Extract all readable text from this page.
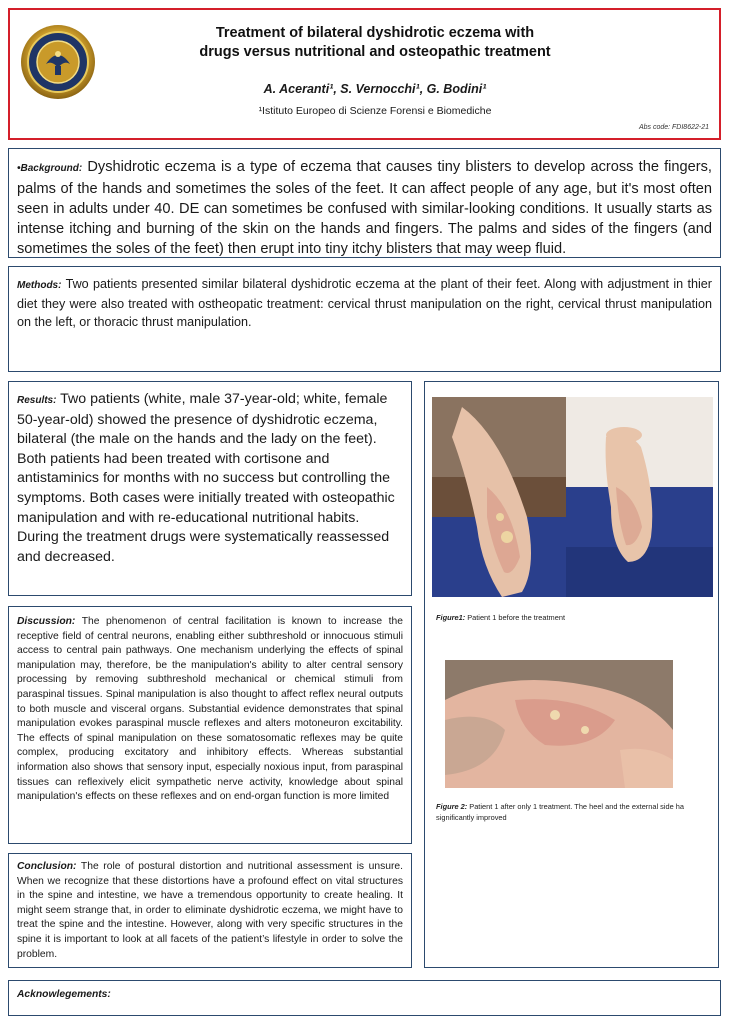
Treatment of bilateral dyshidrotic eczema with
drugs versus nutritional and osteopathic treatment
A. Aceranti¹, S. Vernocchi¹, G. Bodini¹
¹Istituto Europeo di Scienze Forensi e Biomediche
Abs code: FDI8622-21

•Background: Dyshidrotic eczema is a type of eczema that causes tiny blisters to develop across the fingers, palms of the hands and sometimes the soles of the feet. It can affect people of any age, but it's most often seen in adults under 40. DE can sometimes be confused with similar-looking conditions. It usually starts as intense itching and burning of the skin on the hands and fingers. The palms and sides of the fingers (and sometimes the soles of the feet) then erupt into tiny itchy blisters that may weep fluid.

Methods: Two patients presented similar bilateral dyshidrotic eczema at the plant of their feet. Along with adjustment in thier diet they were also treated with ostheopatic treatment: cervical thrust manipulation on the right, cervical thrust manipulation on the left, or thoracic thrust manipulation.

Results: Two patients (white, male 37-year-old; white, female 50-year-old) showed the presence of dyshidrotic eczema, bilateral (the male on the hands and the lady on the feet). Both patients had been treated with cortisone and antistaminics for months with no success but controlling the symptoms. Both cases were initially treated with osteopathic manipulation and with re-educational nutritional habits. During the treatment drugs were systematically reassessed and decreased.

Discussion: The phenomenon of central facilitation is known to increase the receptive field of central neurons, enabling either subthreshold or innocuous stimuli access to central pain pathways. One mechanism underlying the effects of spinal manipulation may, therefore, be the manipulation's ability to alter central sensory processing by removing subthreshold mechanical or chemical stimuli from paraspinal tissues. Spinal manipulation is also thought to affect reflex neural outputs to both muscle and visceral organs. Substantial evidence demonstrates that spinal manipulation evokes paraspinal muscle reflexes and alters motoneuron excitability. The effects of spinal manipulation on these somatosomatic reflexes may be quite complex, producing excitatory and inhibitory effects. Whereas substantial information also shows that sensory input, especially noxious input, from paraspinal tissues can reflexively elicit sympathetic nerve activity, knowledge about spinal manipulation's effects on these reflexes and on end-organ function is more limited

Conclusion: The role of postural distortion and nutritional assessment is unsure. When we recognize that these distortions have a profound effect on vital structures in the spine and intestine, we have a tremendous opportunity to create healing. It might seem strange that, in order to eliminate dyshidrotic eczema, we might have to treat the spine and the intestine. However, along with very specific structures in the spine it is important to look at all facets of the patient’s lifestyle in order to solve the problem.

Figure1: Patient 1 before the treatment
Figure 2: Patient 1 after only 1 treatment. The heel and the external side ha significantly improved
Acknowlegements:
